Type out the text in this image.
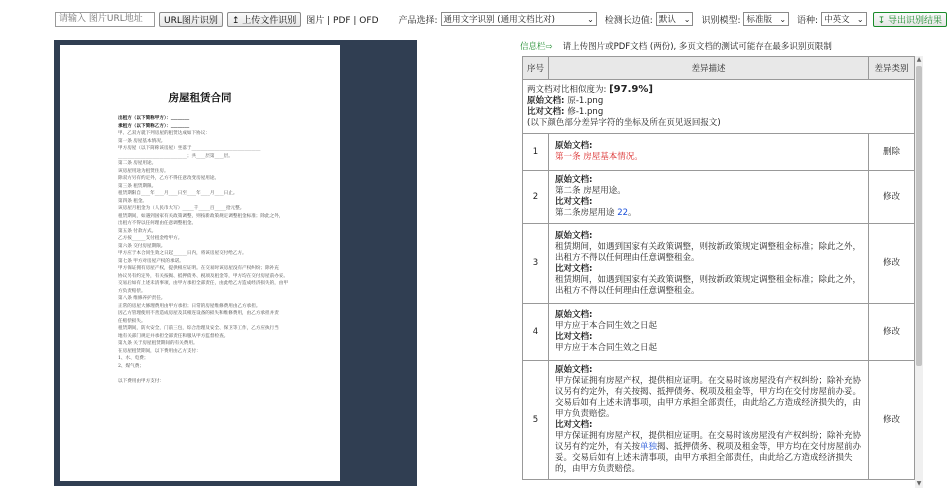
请输入 图片URL地址
URL图片识别	↥ 上传文件识别	图片 | PDF | OFD 产品选择: 通用文字识别 (通用文档比对)	⌄ 检测长边值: 默认 ⌄ 识别模型: 标准版 ⌄ 语种: 中英文 ⌄	↧ 导出识别结果
房屋租赁合同
出租方（以下简称甲方）：________
承租方（以下简称乙方）：________
甲、乙双方就下列房屋的租赁达成如下协议：
第一条 房屋基本情况。
甲方房屋（以下简称该房屋）坐落于______________________________
______________________________；共____层第____层。
第二条 房屋用途。
该房屋用途为租赁住房。
除双方另有约定外，乙方不得任意改变房屋用途。
第三条 租赁期限。
租赁期限自____年____月____日至____年____月____日止。
第四条 租金。
该房屋月租金为（人民币大写）_____千_____百_____拾元整。
租赁期间，如遇到国家有关政策调整，则按新政策规定调整租金标准；除此之外，
出租方不得以任何理由任意调整租金。
第五条 付款方式。
乙方按______支付租金给甲方。
第六条 交付房屋期限。
甲方应于本合同生效之日起______日内，将该房屋交付给乙方。
第七条 甲方对房屋产权的承诺。
甲方保证拥有房屋产权，提供相应证明。在交易时该房屋没有产权纠纷；除补充
协议另有约定外，有关按揭、抵押债务、税项及租金等，甲方均在交付房屋前办妥。
交易后如有上述未清事项，由甲方承担全部责任，由此给乙方造成经济损失的，由甲
方负责赔偿。
第八条 维修养护责任。
正常的房屋大修理费用由甲方承担；日常的房屋维修费用由乙方承担。
因乙方管理使用不善造成房屋及其相连设备的损失和维修费用，由乙方承担并责
任赔偿损失。
租赁期间，防火安全，门前三包，综合治理及安全、保卫等工作，乙方应执行当
地有关部门规定并承担全部责任和服从甲方监督检查。
第九条 关于房屋租赁期间的有关费用。
在房屋租赁期间，以下费用由乙方支付：
1、水、电费；
2、煤气费；
以下费用由甲方支付：
信息栏⇨ 请上传图片或PDF文档 (两份), 多页文档的测试可能存在最多识别页限制
序号	差异描述	差异类别

两文档对比相似度为: [97.9%]
原始文档: 原-1.png
比对文档: 修-1.png
(以下颜色部分差异字符的坐标及所在页见返回报文)		

1	原始文档:
第一条 房屋基本情况。	删除
2	原始文档:
第二条 房屋用途。
比对文档:
第二条房屋用途 22。	修改
3	原始文档:
租赁期间，如遇到国家有关政策调整，则按新政策规定调整租金标准；除此之外，出租方不得以任何理由任意调整租金。
比对文档:
租赁期间，如遇到国家有关政策调整，则按新政策规定调整租金标准；除此之外，出租方不得以任何理由任意调整租金。	修改
4	原始文档:
甲方应于本合同生效之日起
比对文档:
甲方应于本合同生效之日起	修改
5	原始文档:
甲方保证拥有房屋产权，提供相应证明。在交易时该房屋没有产权纠纷；除补充协议另有约定外，有关按揭、抵押债务、税项及租金等，甲方均在交付房屋前办妥。交易后如有上述未清事项，由甲方承担全部责任，由此给乙方造成经济损失的，由甲方负责赔偿。
比对文档:
甲方保证拥有房屋产权，提供相应证明。在交易时该房屋没有产权纠纷；除补充协议另有约定外，有关按单独揭、抵押债务、税项及租金等，甲方均在交付房屋前办妥。交易后如有上述未清事项，由甲方承担全部责任，由此给乙方造成经济损失的，由甲方负责赔偿。	修改
▲
▼
